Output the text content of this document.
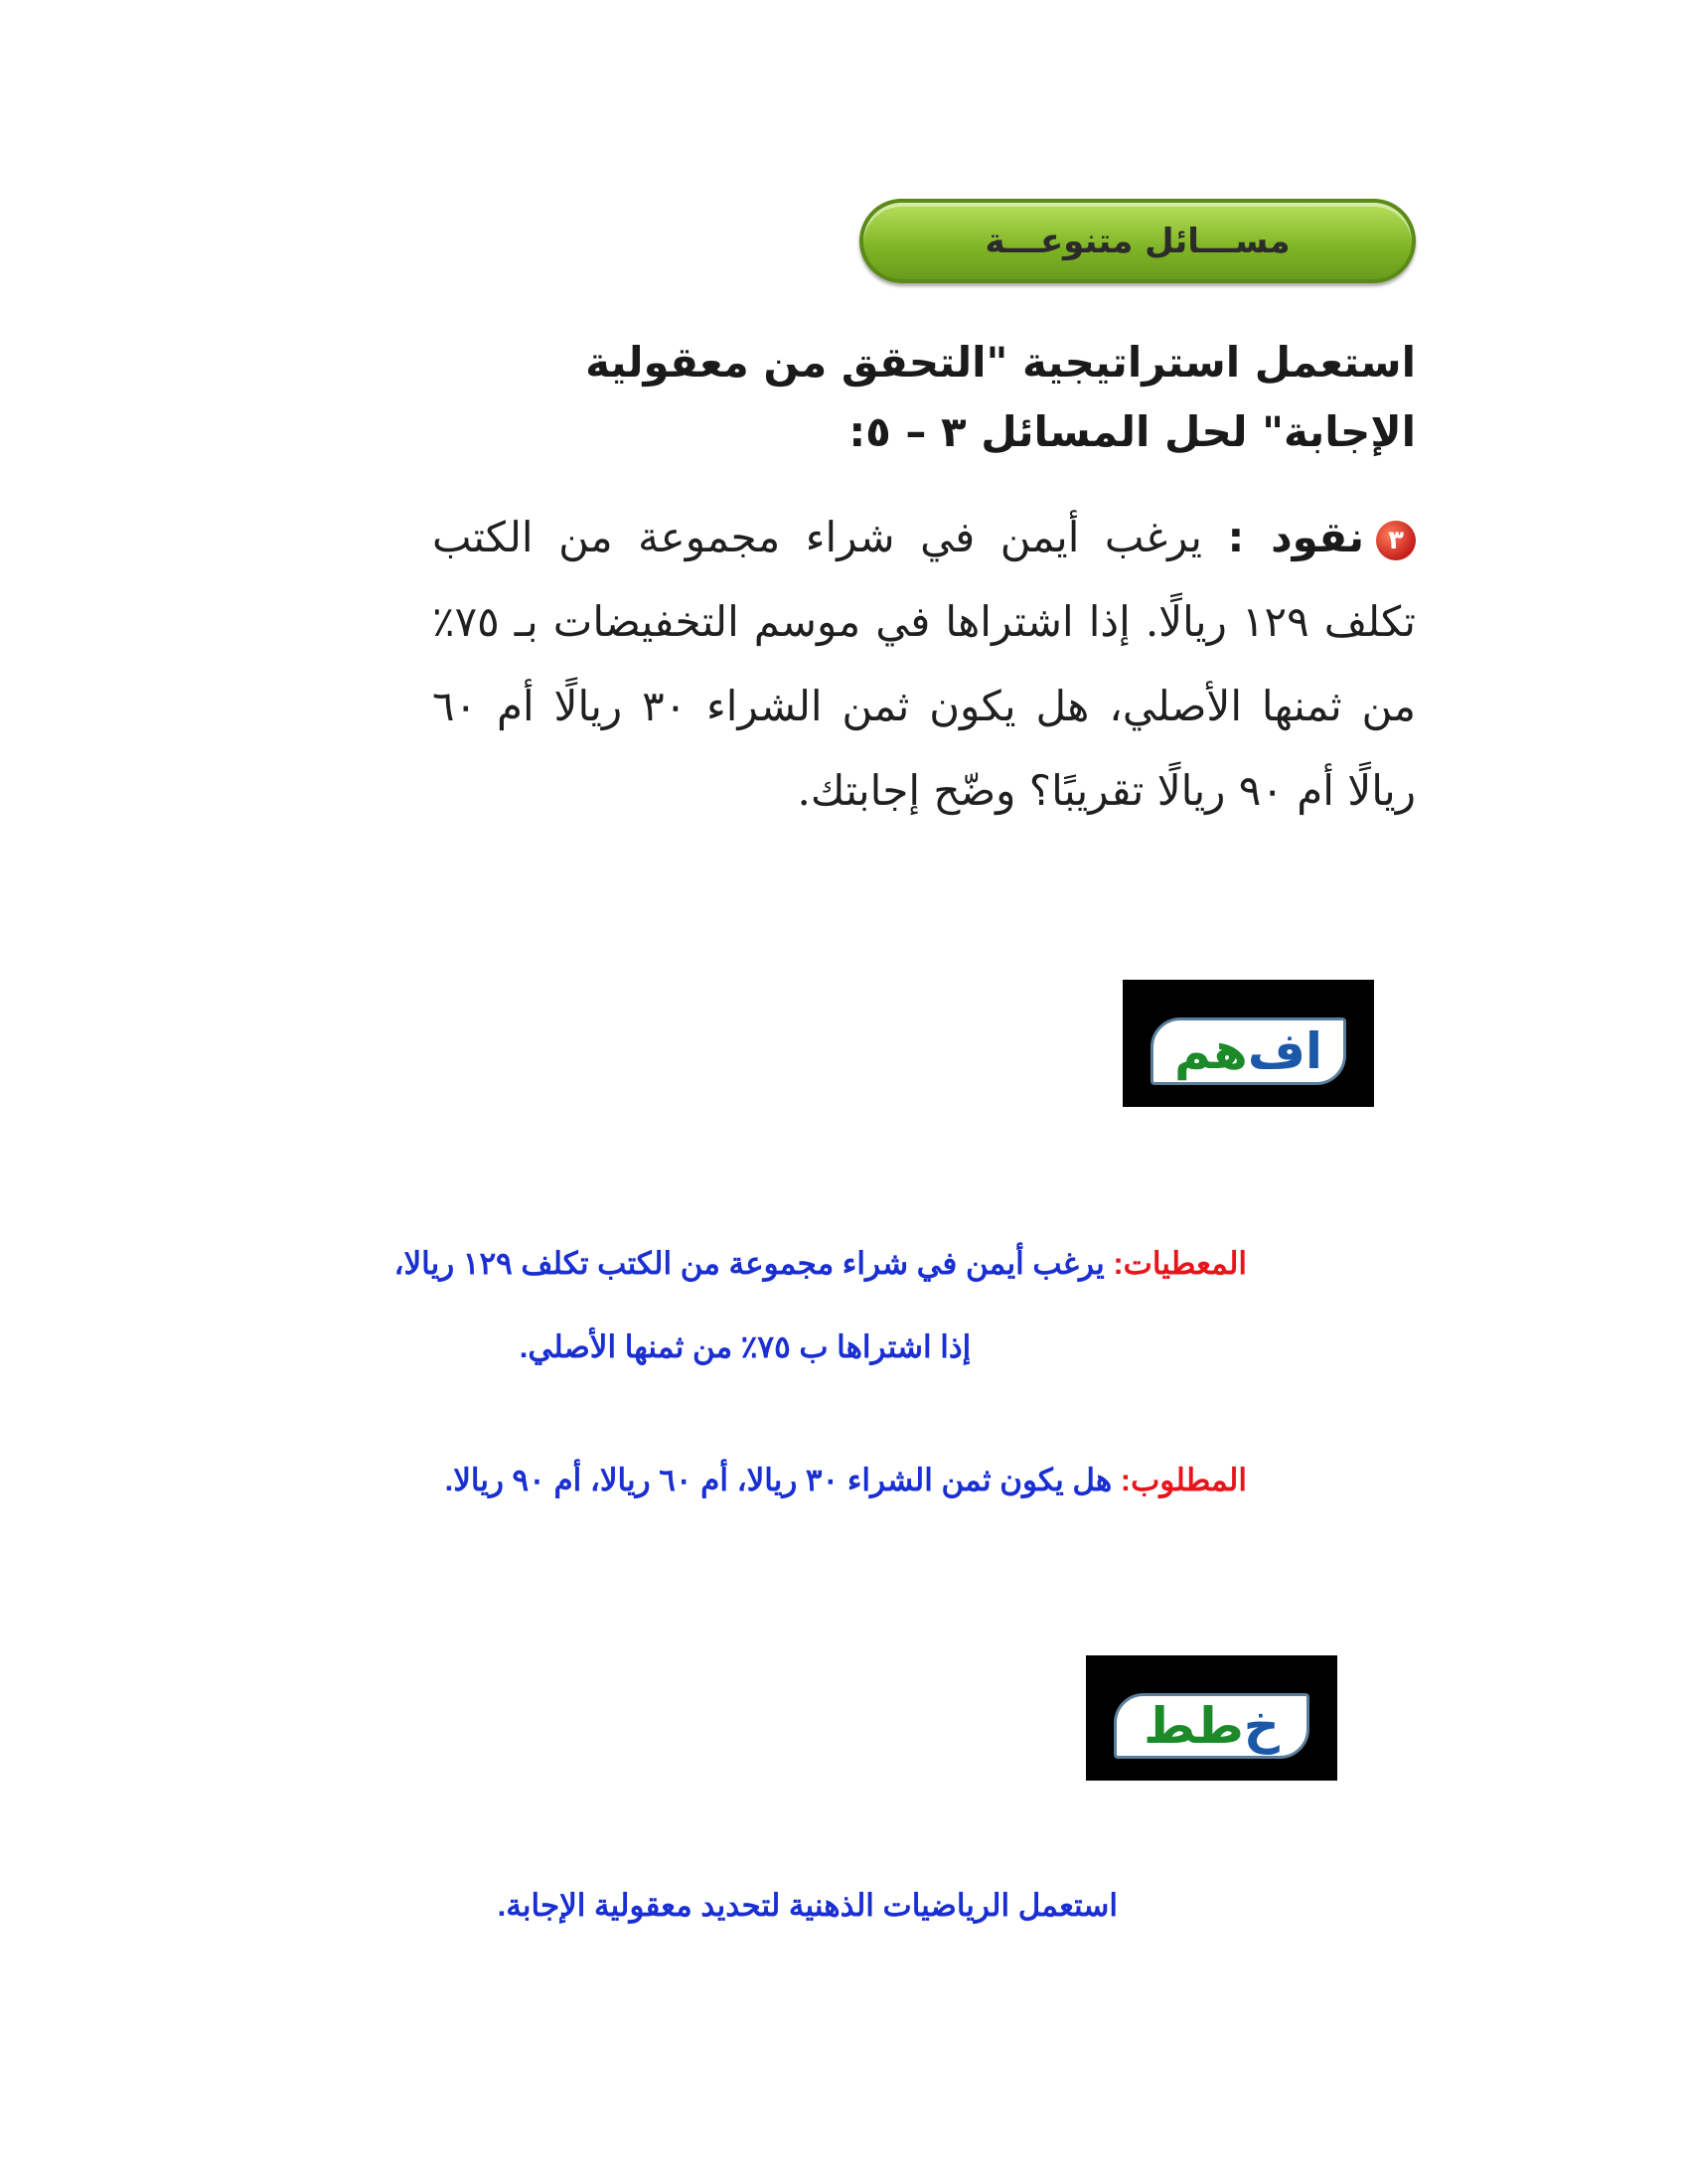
مســـائل متنوعـــة
استعمل استراتيجية "التحقق من معقولية الإجابة" لحل المسائل ٣ – ٥:
٣نقود : يرغب أيمن في شراء مجموعة من الكتب تكلف ١٢٩ ريالًا. إذا اشتراها في موسم التخفيضات بـ ٧٥٪ من ثمنها الأصلي، هل يكون ثمن الشراء ٣٠ ريالًا أم ٦٠ ريالًا أم ٩٠ ريالًا تقريبًا؟ وضّح إجابتك.
ا
ف
هم
المعطيات: يرغب أيمن في شراء مجموعة من الكتب تكلف ١٢٩ ريالا،
إذا اشتراها ب ٧٥٪ من ثمنها الأصلي.
المطلوب: هل يكون ثمن الشراء ٣٠ ريالا، أم ٦٠ ريالا، أم ٩٠ ريالا.
خ
طط
استعمل الرياضيات الذهنية لتحديد معقولية الإجابة.
